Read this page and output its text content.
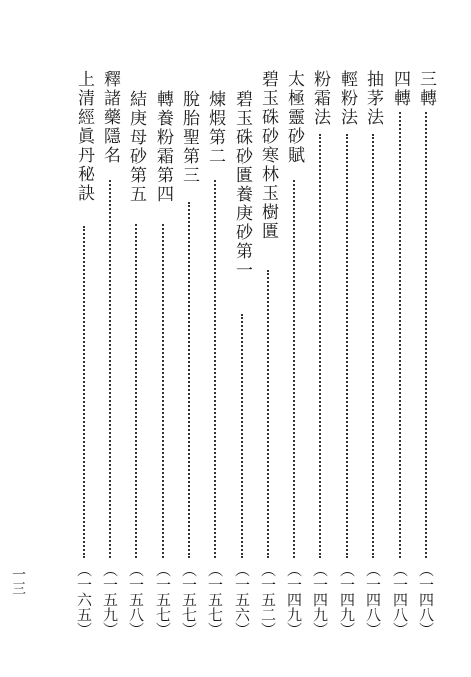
三轉
（一四八）
四轉
（一四八）
抽茅法
（一四八）
輕粉法
（一四九）
粉霜法
（一四九）
太極靈砂賦
（一四九）
碧玉硃砂寒林玉樹匱
（一五二）
碧玉硃砂匱養庚砂第一
（一五六）
煉煆第二
（一五七）
脫胎聖第三
（一五七）
轉養粉霜第四
（一五七）
結庚母砂第五
（一五八）
釋諸藥隱名
（一五九）
上清經眞丹秘訣
（一六五）
一三
